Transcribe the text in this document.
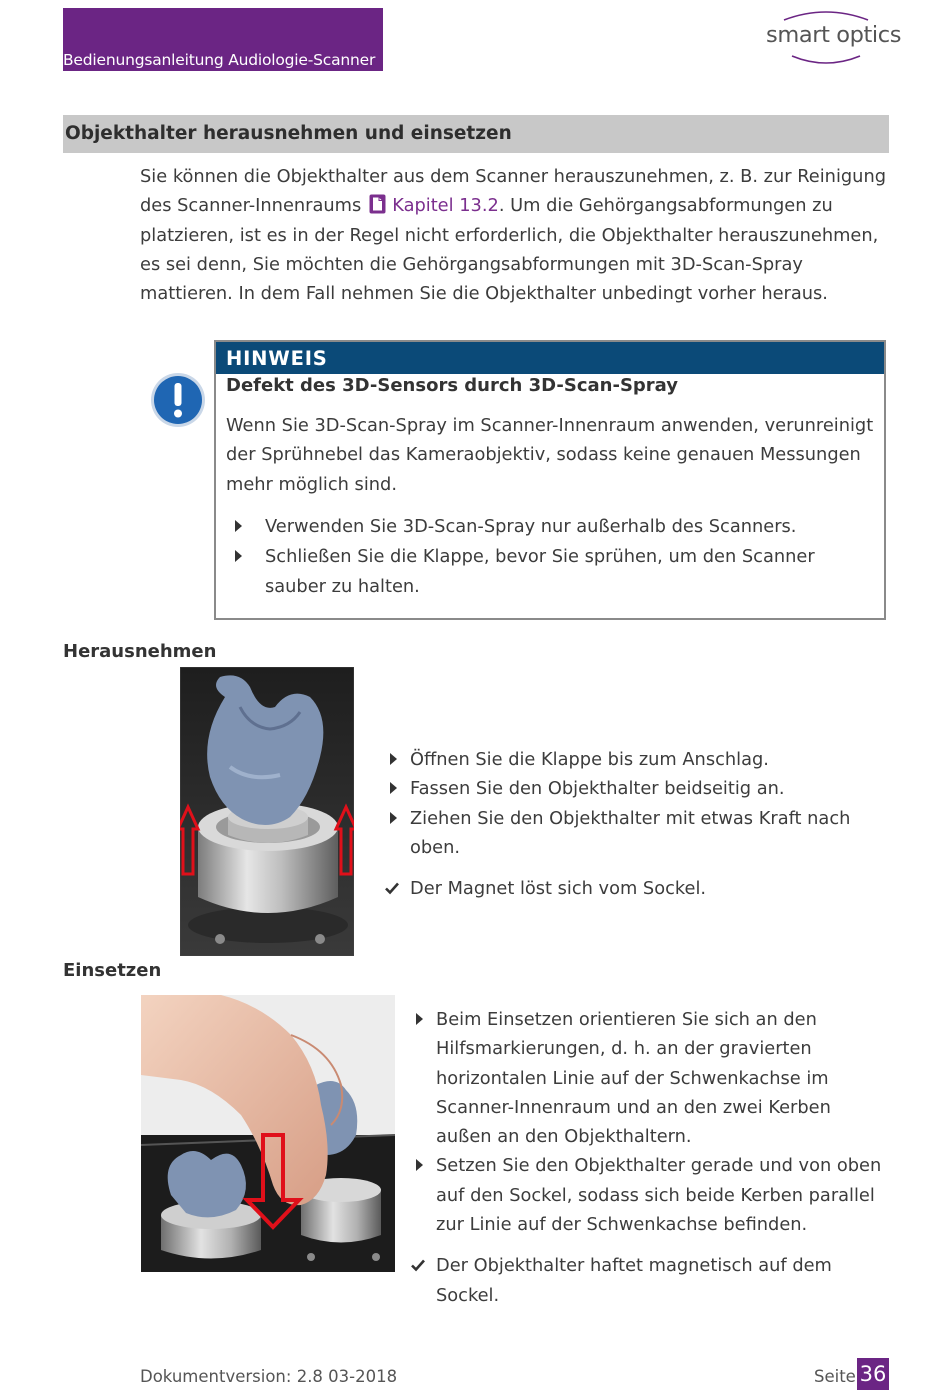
Bedienungsanleitung Audiologie-Scanner
smart optics
Objekthalter herausnehmen und einsetzen
Sie können die Objekthalter aus dem Scanner herauszunehmen, z. B. zur Reinigung des Scanner-Innenraums Kapitel 13.2. Um die Gehörgangsabformungen zu platzieren, ist es in der Regel nicht erforderlich, die Objekthalter herauszunehmen, es sei denn, Sie möchten die Gehörgangsabformungen mit 3D-Scan-Spray mattieren. In dem Fall nehmen Sie die Objekthalter unbedingt vorher heraus.
HINWEIS
Defekt des 3D-Sensors durch 3D-Scan-Spray
Wenn Sie 3D-Scan-Spray im Scanner-Innenraum anwenden, verunreinigt der Sprühnebel das Kameraobjektiv, sodass keine genauen Messungen mehr möglich sind.
Verwenden Sie 3D-Scan-Spray nur außerhalb des Scanners.
Schließen Sie die Klappe, bevor Sie sprühen, um den Scanner sauber zu halten.
Herausnehmen
Öffnen Sie die Klappe bis zum Anschlag.
Fassen Sie den Objekthalter beidseitig an.
Ziehen Sie den Objekthalter mit etwas Kraft nach oben.
Der Magnet löst sich vom Sockel.
Einsetzen
Beim Einsetzen orientieren Sie sich an den Hilfsmarkierungen, d. h. an der gravierten horizontalen Linie auf der Schwenkachse im Scanner-Innenraum und an den zwei Kerben außen an den Objekthaltern.
Setzen Sie den Objekthalter gerade und von oben auf den Sockel, sodass sich beide Kerben parallel zur Linie auf der Schwenkachse befinden.
Der Objekthalter haftet magnetisch auf dem Sockel.
Dokumentversion: 2.8 03-2018	Seite 36
